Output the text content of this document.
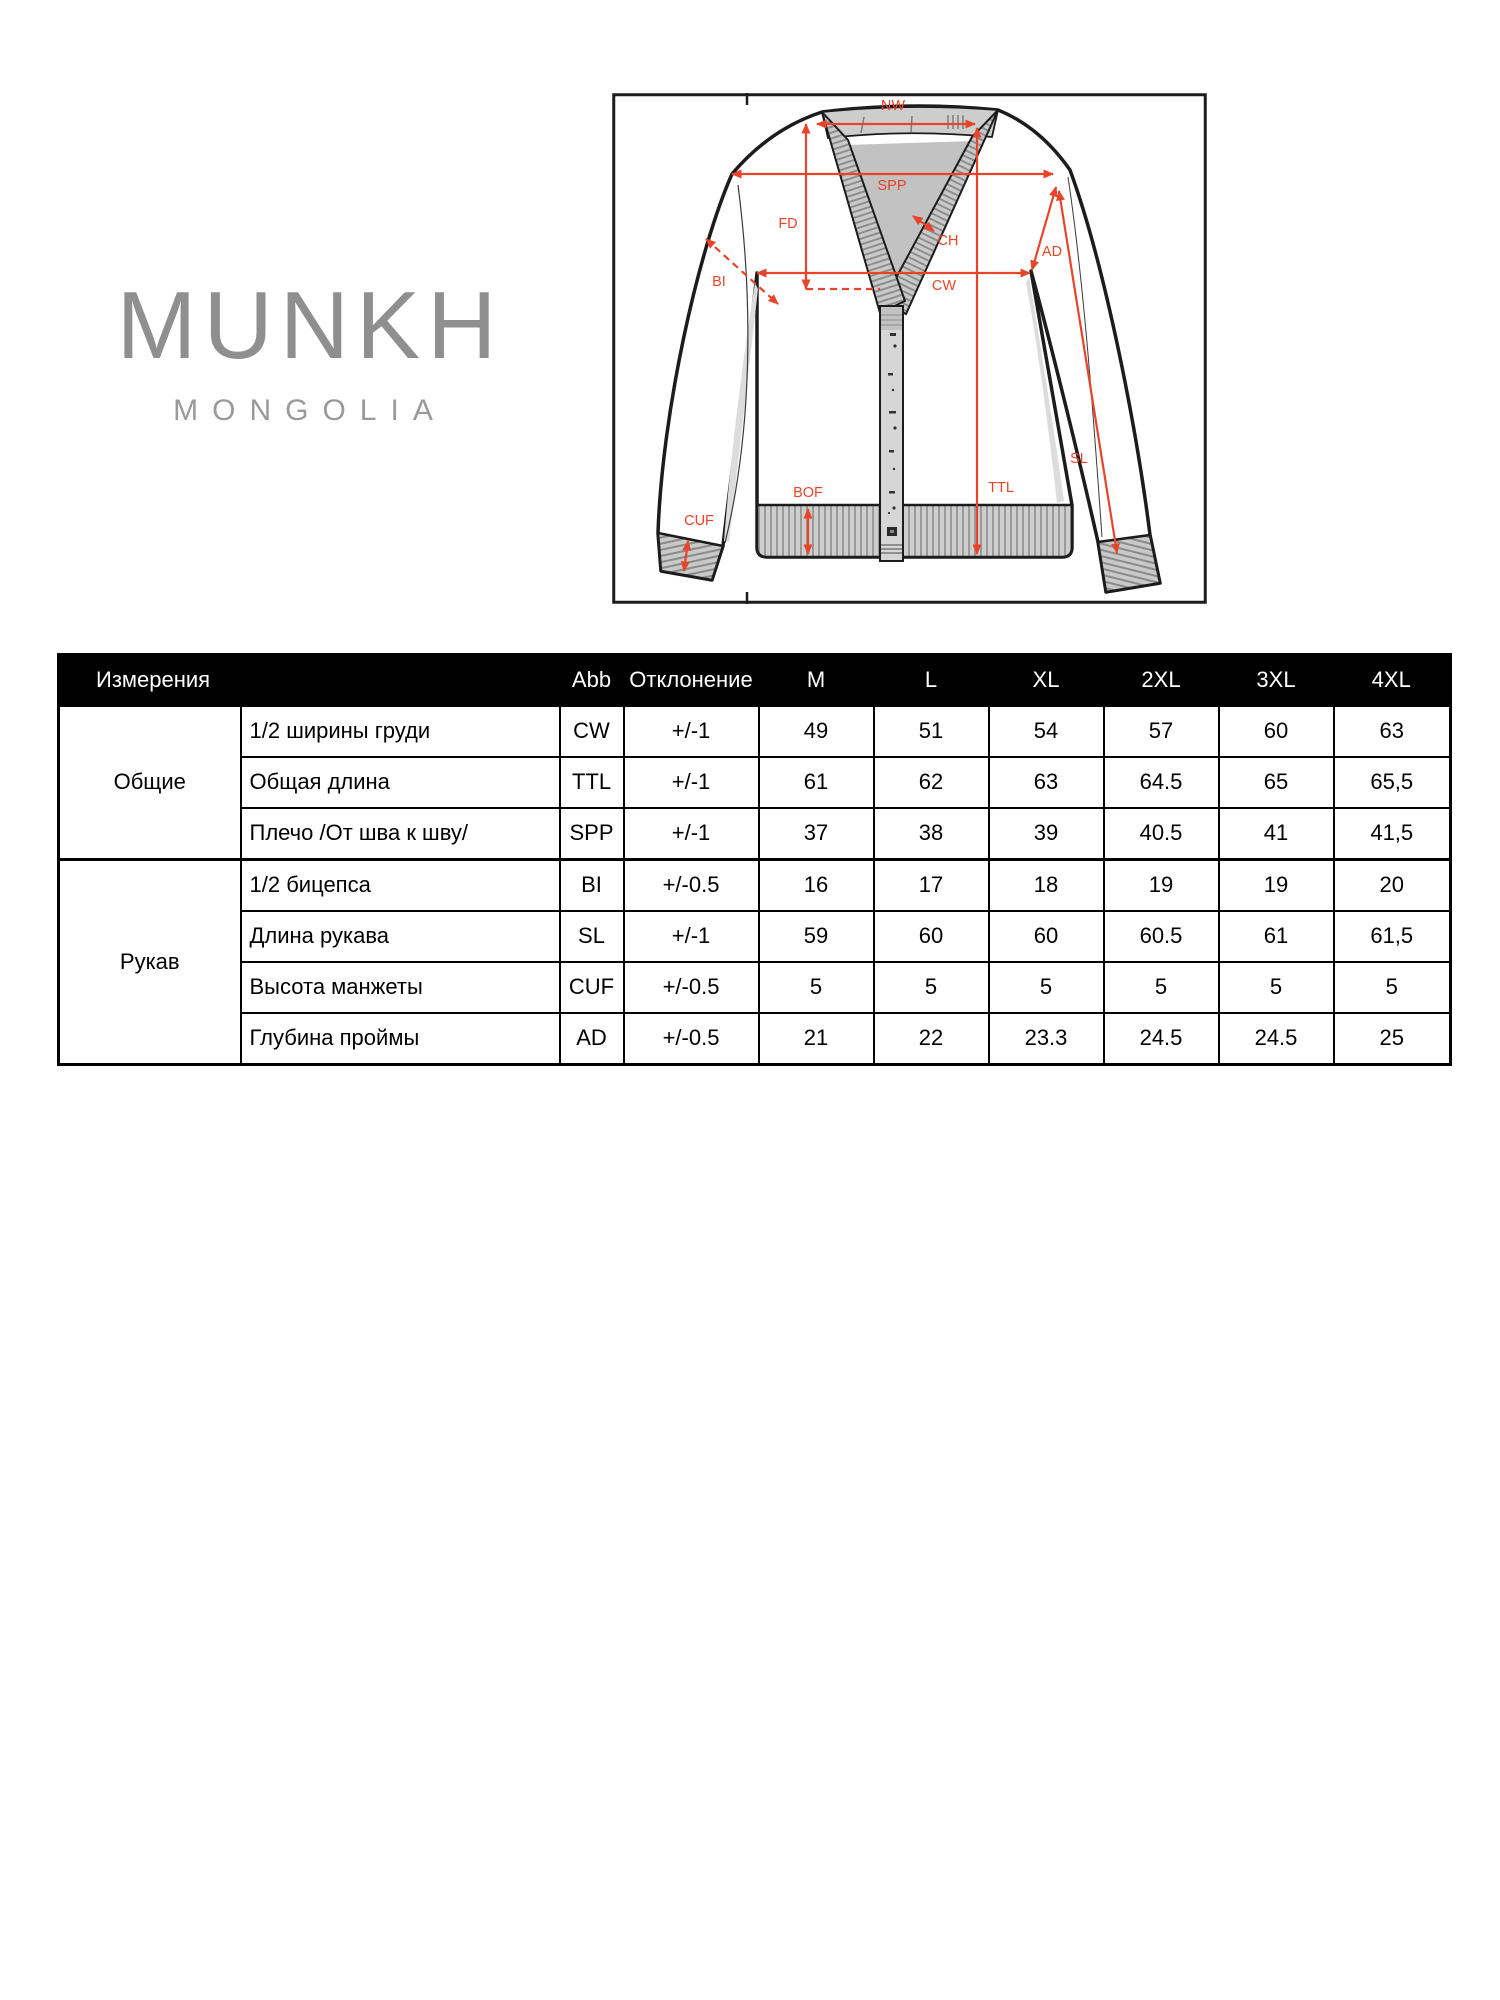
MUNKH
MONGOLIA
NW
SPP
FD
CH
CW
BI
AD
SL
TTL
BOF
CUF
Измерения		Abb	Отклонение	M	L	XL	2XL	3XL	4XL
Общие	1/2 ширины груди	CW	+/-1	49	51	54	57	60	63
	Общая длина	TTL	+/-1	61	62	63	64.5	65	65,5
	Плечо /От шва к шву/	SPP	+/-1	37	38	39	40.5	41	41,5
Рукав	1/2 бицепса	BI	+/-0.5	16	17	18	19	19	20
	Длина рукава	SL	+/-1	59	60	60	60.5	61	61,5
	Высота манжеты	CUF	+/-0.5	5	5	5	5	5	5
	Глубина проймы	AD	+/-0.5	21	22	23.3	24.5	24.5	25
